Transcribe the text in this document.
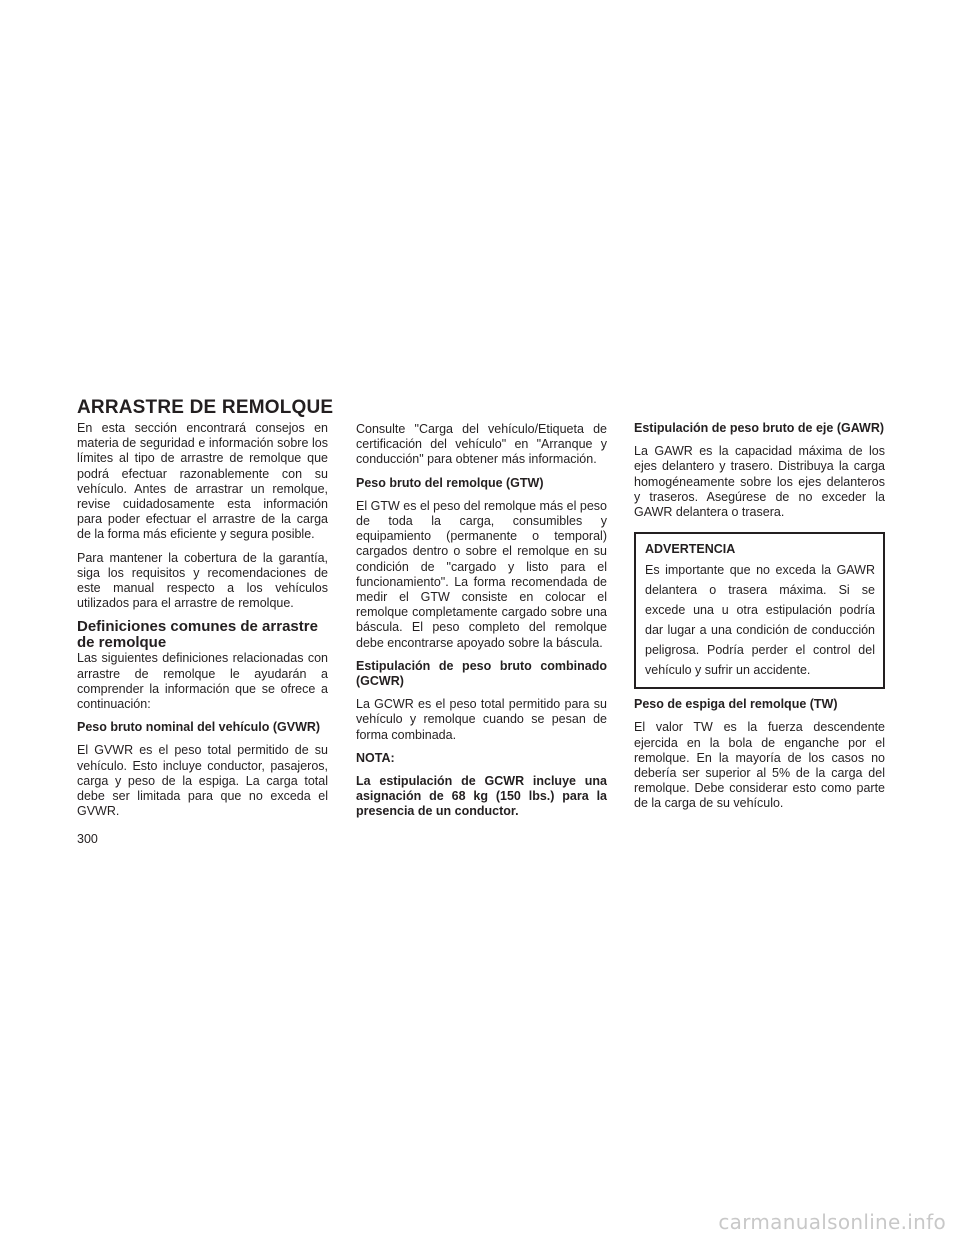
ARRASTRE DE REMOLQUE

En esta sección encontrará consejos en materia de seguridad e información sobre los límites al tipo de arrastre de remolque que podrá efectuar razonablemente con su vehículo. Antes de arrastrar un remolque, revise cuidadosamente esta información para poder efectuar el arrastre de la carga de la forma más eficiente y segura posible.

Para mantener la cobertura de la garantía, siga los requisitos y recomendaciones de este manual respecto a los vehículos utilizados para el arrastre de remolque.

Definiciones comunes de arrastre de remolque

Las siguientes definiciones relacionadas con arrastre de remolque le ayudarán a comprender la información que se ofrece a continuación:

Peso bruto nominal del vehículo (GVWR)

El GVWR es el peso total permitido de su vehículo. Esto incluye conductor, pasajeros, carga y peso de la espiga. La carga total debe ser limitada para que no exceda el GVWR.

Consulte "Carga del vehículo/Etiqueta de certificación del vehículo" en "Arranque y conducción" para obtener más información.

Peso bruto del remolque (GTW)

El GTW es el peso del remolque más el peso de toda la carga, consumibles y equipamiento (permanente o temporal) cargados dentro o sobre el remolque en su condición de "cargado y listo para el funcionamiento". La forma recomendada de medir el GTW consiste en colocar el remolque completamente cargado sobre una báscula. El peso completo del remolque debe encontrarse apoyado sobre la báscula.

Estipulación de peso bruto combinado (GCWR)

La GCWR es el peso total permitido para su vehículo y remolque cuando se pesan de forma combinada.

NOTA:

La estipulación de GCWR incluye una asignación de 68 kg (150 lbs.) para la presencia de un conductor.

Estipulación de peso bruto de eje (GAWR)

La GAWR es la capacidad máxima de los ejes delantero y trasero. Distribuya la carga homogéneamente sobre los ejes delanteros y traseros. Asegúrese de no exceder la GAWR delantera o trasera.

ADVERTENCIA
Es importante que no exceda la GAWR delantera o trasera máxima. Si se excede una u otra estipulación podría dar lugar a una condición de conducción peligrosa. Podría perder el control del vehículo y sufrir un accidente.

Peso de espiga del remolque (TW)

El valor TW es la fuerza descendente ejercida en la bola de enganche por el remolque. En la mayoría de los casos no debería ser superior al 5% de la carga del remolque. Debe considerar esto como parte de la carga de su vehículo.

300
carmanualsonline.info
